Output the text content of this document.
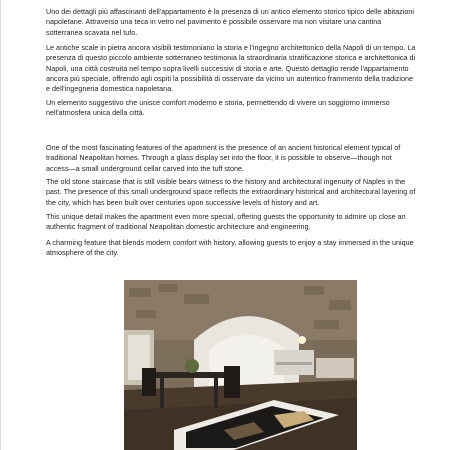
Uno dei dettagli più affascinanti dell'appartamento è la presenza di un antico elemento storico tipico delle abitazioni napoletane. Attraverso una teca in vetro nel pavimento è possibile osservare ma non visitare una cantina sotterranea scavata nel tufo.

Le antiche scale in pietra ancora visibili testimoniano la storia e l'ingegno architettonico della Napoli di un tempo. La presenza di questo piccolo ambiente sotterraneo testimonia la straordinaria stratificazione storica e architettonica di Napoli, una città costruita nel tempo sopra livelli successivi di storia e arte. Questo dettaglio rende l'appartamento ancora più speciale, offrendo agli ospiti la possibilità di osservare da vicino un autentico frammento della tradizione e dell'ingegneria domestica napoletana.

Un elemento suggestivo che unisce comfort moderno e storia, permettendo di vivere un soggiorno immerso nell'atmosfera unica della città.

One of the most fascinating features of the apartment is the presence of an ancient historical element typical of traditional Neapolitan homes. Through a glass display set into the floor, it is possible to observe—though not access—a small underground cellar carved into the tuff stone.

The old stone staircase that is still visible bears witness to the history and architectural ingenuity of Naples in the past. The presence of this small underground space reflects the extraordinary historical and architectural layering of the city, which has been built over centuries upon successive levels of history and art.

This unique detail makes the apartment even more special, offering guests the opportunity to admire up close an authentic fragment of traditional Neapolitan domestic architecture and engineering.

A charming feature that blends modern comfort with history, allowing guests to enjoy a stay immersed in the unique atmosphere of the city.
